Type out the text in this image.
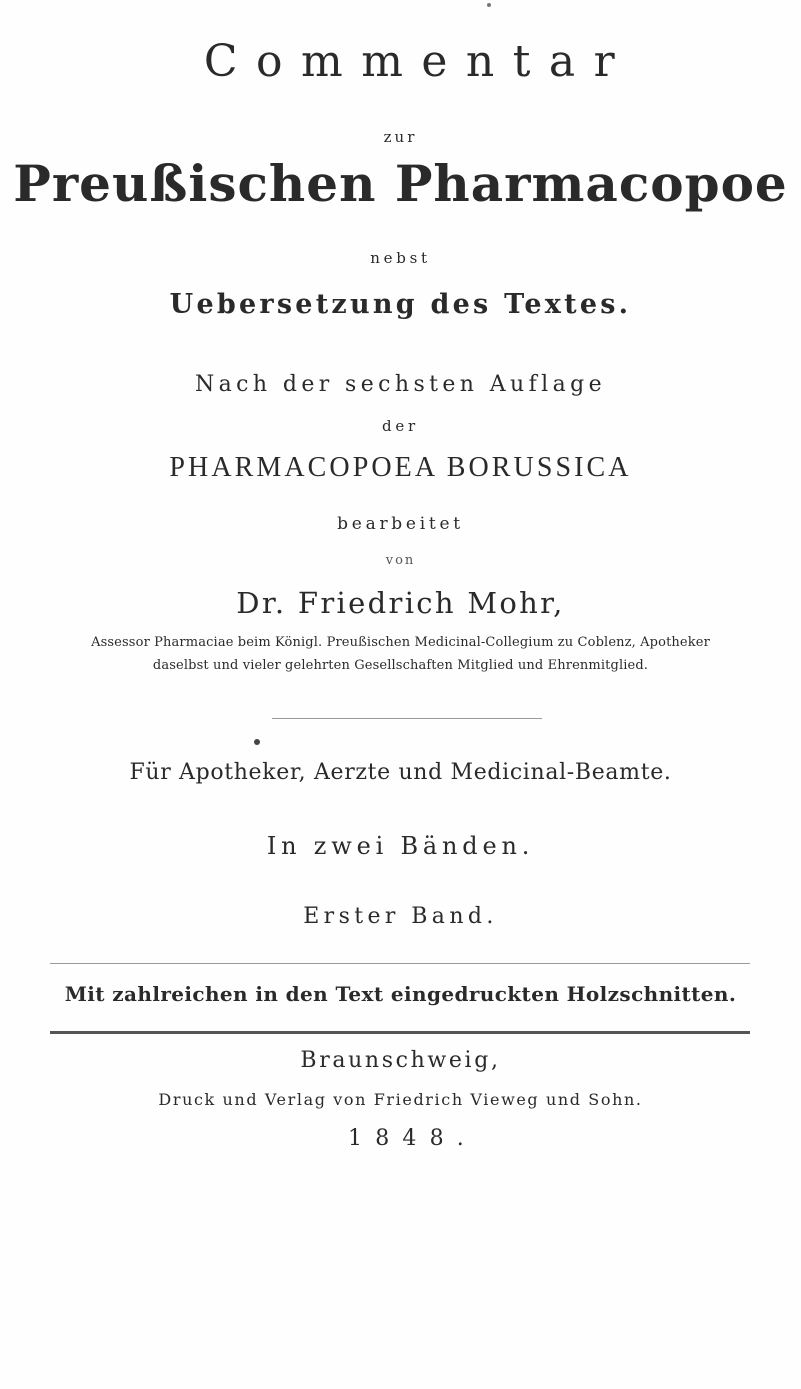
Commentar
zur
Preußischen Pharmacopoe
nebst
Uebersetzung des Textes.
Nach der sechsten Auflage
der
PHARMACOPOEA BORUSSICA
bearbeitet
von
Dr. Friedrich Mohr,
Assessor Pharmaciae beim Königl. Preußischen Medicinal-Collegium zu Coblenz, Apotheker
daselbst und vieler gelehrten Gesellschaften Mitglied und Ehrenmitglied.
Für Apotheker, Aerzte und Medicinal-Beamte.
In zwei Bänden.
Erster Band.
Mit zahlreichen in den Text eingedruckten Holzschnitten.
Braunschweig,
Druck und Verlag von Friedrich Vieweg und Sohn.
1848.
